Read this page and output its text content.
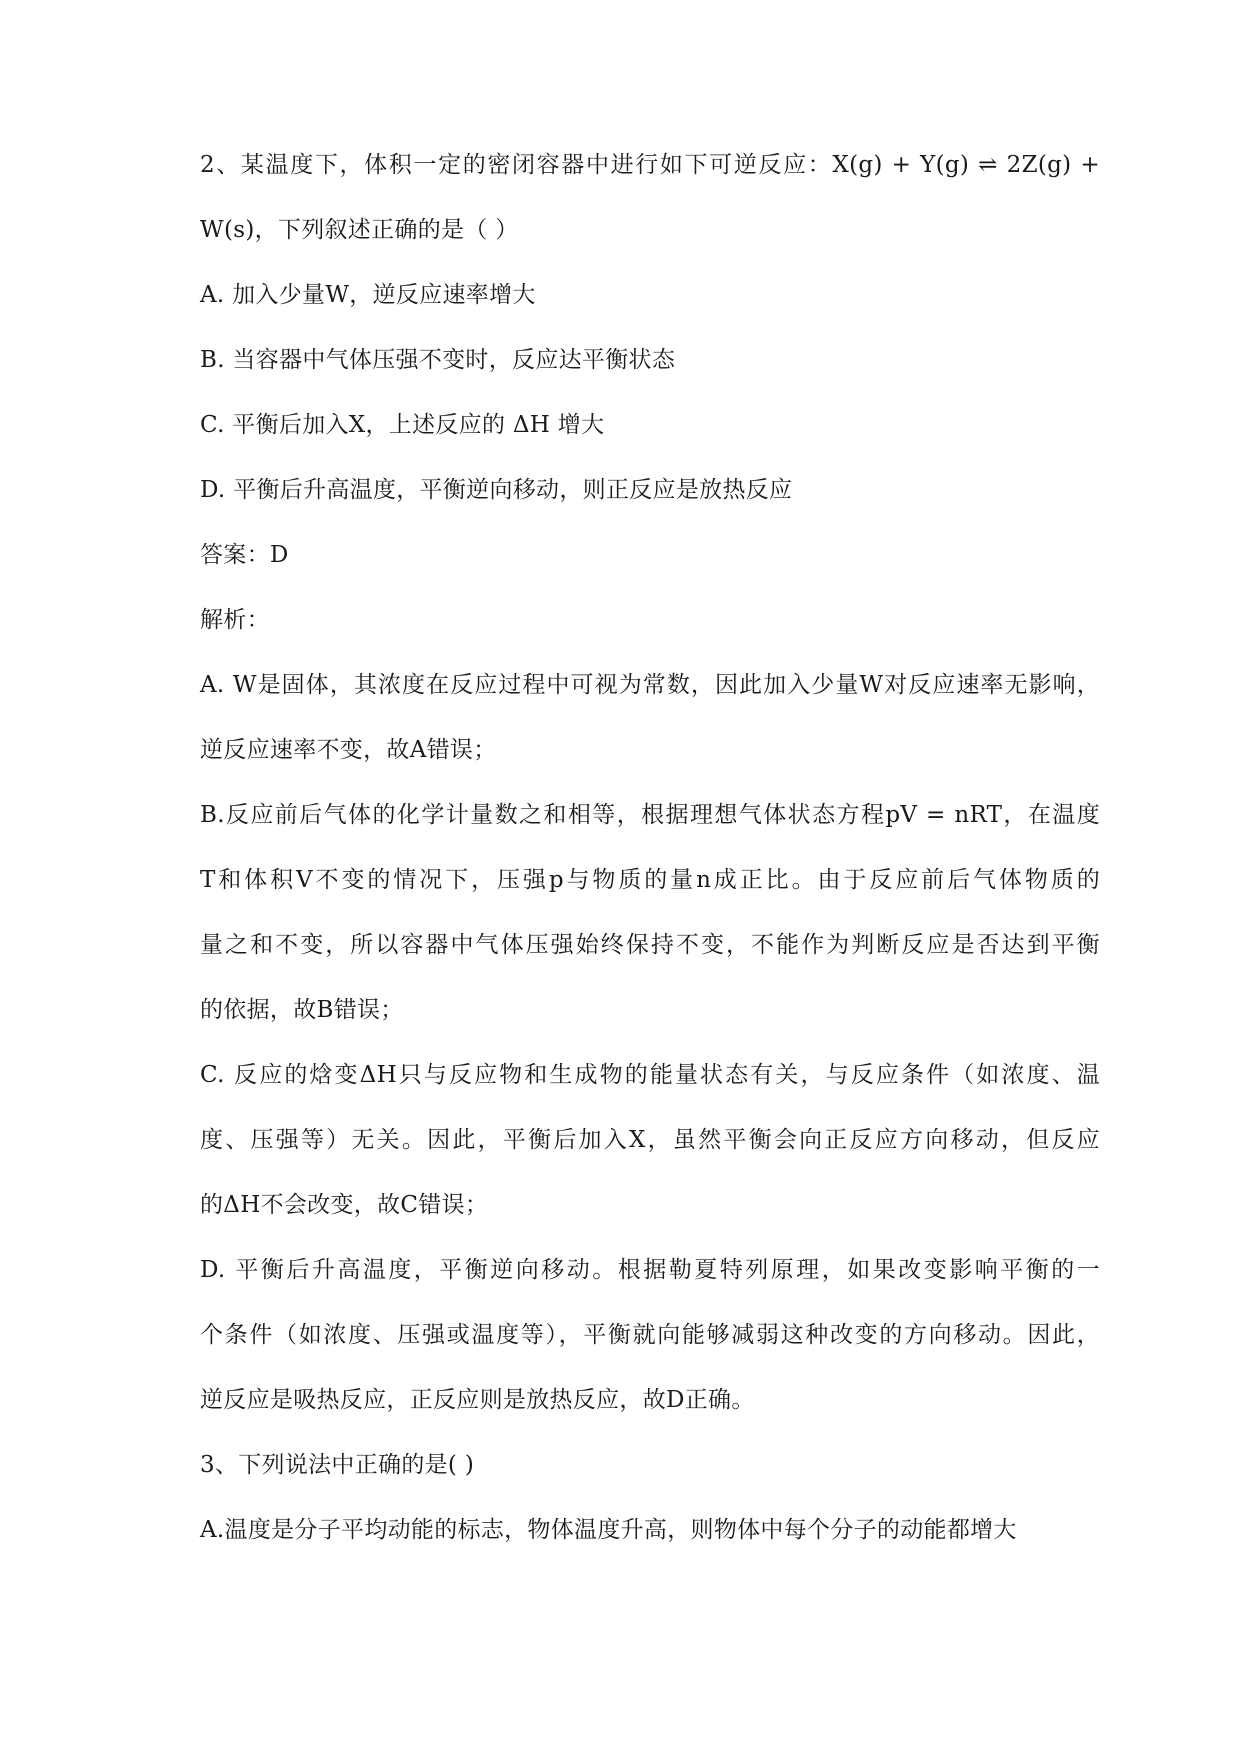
2、某温度下，体积一定的密闭容器中进行如下可逆反应：X(g) + Y(g) ⇌ 2Z(g) +
W(s)，下列叙述正确的是（ ）
A. 加入少量W，逆反应速率增大
B. 当容器中气体压强不变时，反应达平衡状态
C. 平衡后加入X，上述反应的 ΔH 增大
D. 平衡后升高温度，平衡逆向移动，则正反应是放热反应
答案：D
解析：
A. W是固体，其浓度在反应过程中可视为常数，因此加入少量W对反应速率无影响，
逆反应速率不变，故A错误；
B.反应前后气体的化学计量数之和相等，根据理想气体状态方程pV = nRT，在温度
T和体积V不变的情况下，压强p与物质的量n成正比。由于反应前后气体物质的
量之和不变，所以容器中气体压强始终保持不变，不能作为判断反应是否达到平衡
的依据，故B错误；
C. 反应的焓变ΔH只与反应物和生成物的能量状态有关，与反应条件（如浓度、温
度、压强等）无关。因此，平衡后加入X，虽然平衡会向正反应方向移动，但反应
的ΔH不会改变，故C错误；
D. 平衡后升高温度，平衡逆向移动。根据勒夏特列原理，如果改变影响平衡的一
个条件（如浓度、压强或温度等），平衡就向能够减弱这种改变的方向移动。因此，
逆反应是吸热反应，正反应则是放热反应，故D正确。
3、下列说法中正确的是( )
A.温度是分子平均动能的标志，物体温度升高，则物体中每个分子的动能都增大
